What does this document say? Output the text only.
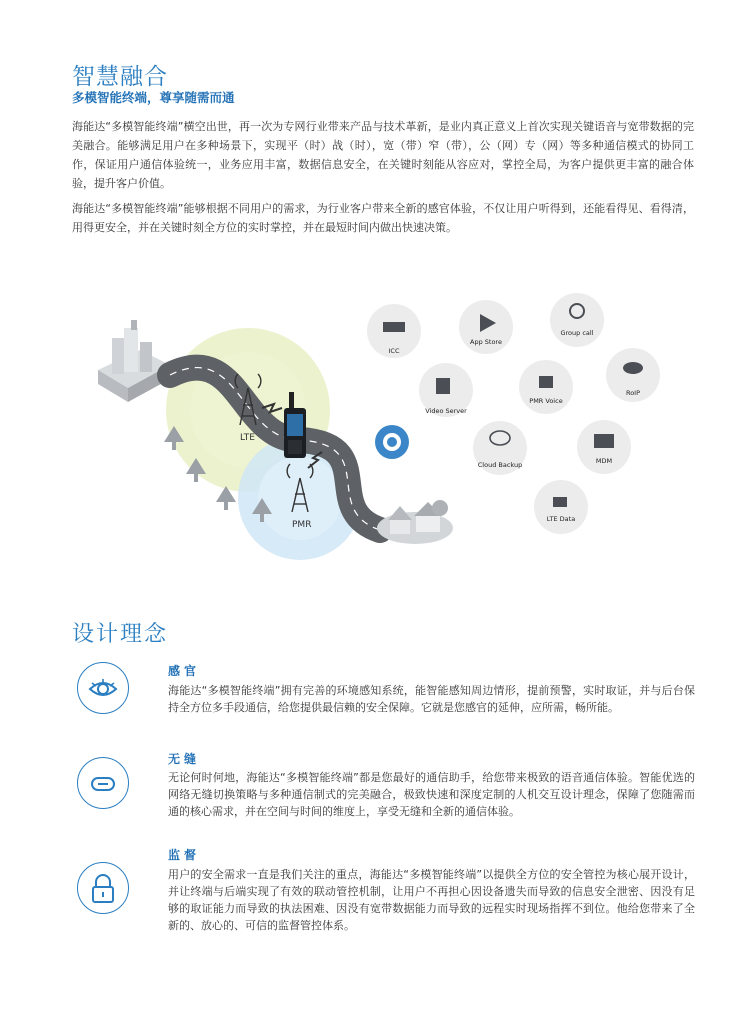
智慧融合
多模智能终端，尊享随需而通
海能达“多模智能终端”横空出世，再一次为专网行业带来产品与技术革新，是业内真正意义上首次实现关键语音与宽带数据的完美融合。能够满足用户在多种场景下，实现平（时）战（时），宽（带）窄（带），公（网）专（网）等多种通信模式的协同工作，保证用户通信体验统一，业务应用丰富，数据信息安全，在关键时刻能从容应对，掌控全局，为客户提供更丰富的融合体验，提升客户价值。
海能达“多模智能终端”能够根据不同用户的需求，为行业客户带来全新的感官体验，不仅让用户听得到，还能看得见、看得清，用得更安全，并在关键时刻全方位的实时掌控，并在最短时间内做出快速决策。
LTE
PMR
ICC
App Store
Group call
Video Server
PMR Voice
RoIP
Cloud Backup	MDM
LTE Data
设计理念
感官
海能达“多模智能终端”拥有完善的环境感知系统，能智能感知周边情形，提前预警，实时取证，并与后台保持全方位多手段通信，给您提供最信赖的安全保障。它就是您感官的延伸，应所需，畅所能。
无缝
无论何时何地，海能达“多模智能终端”都是您最好的通信助手，给您带来极致的语音通信体验。智能优选的网络无缝切换策略与多种通信制式的完美融合，极致快速和深度定制的人机交互设计理念，保障了您随需而通的核心需求，并在空间与时间的维度上，享受无缝和全新的通信体验。
监督
用户的安全需求一直是我们关注的重点，海能达“多模智能终端”以提供全方位的安全管控为核心展开设计，并让终端与后端实现了有效的联动管控机制，让用户不再担心因设备遗失而导致的信息安全泄密、因没有足够的取证能力而导致的执法困难、因没有宽带数据能力而导致的远程实时现场指挥不到位。他给您带来了全新的、放心的、可信的监督管控体系。
